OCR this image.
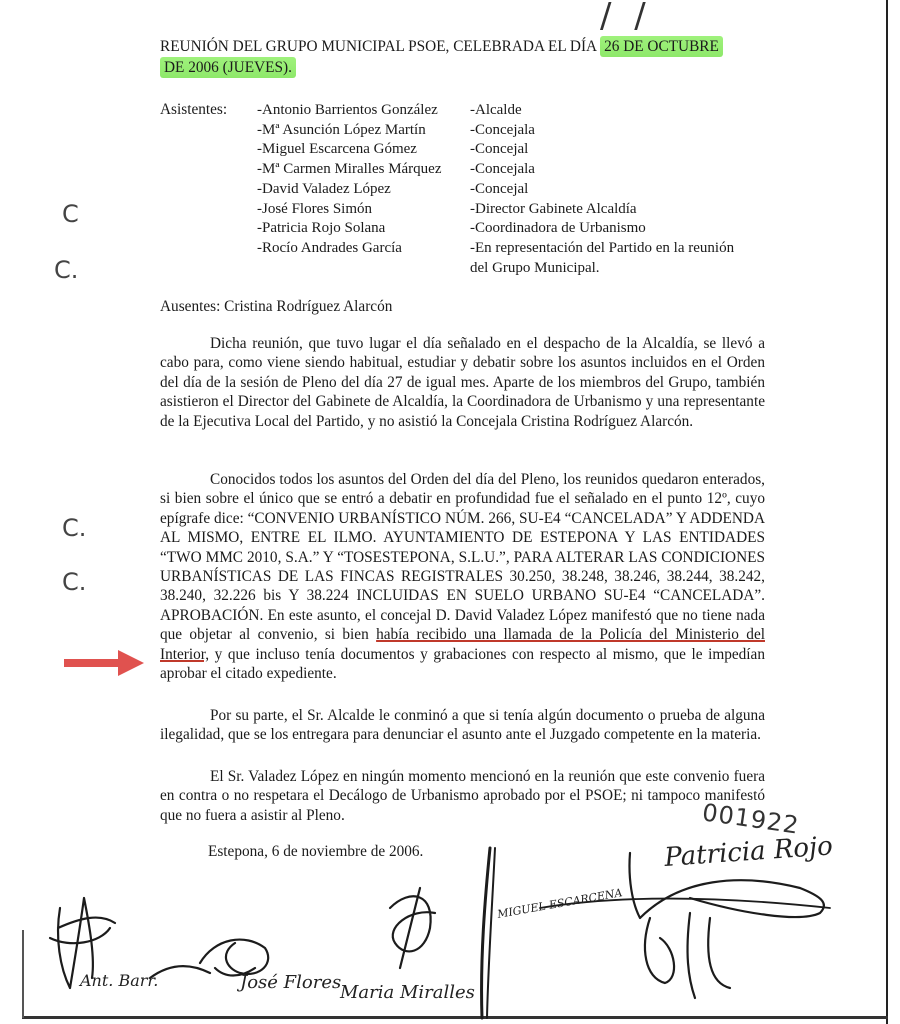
/ /
REUNIÓN DEL GRUPO MUNICIPAL PSOE, CELEBRADA EL DÍA 26 DE OCTUBRE
DE 2006 (JUEVES).
Asistentes: -Antonio Barrientos González -Alcalde
-Mª Asunción López Martín	-Concejala
-Miguel Escarcena Gómez	-Concejal
-Mª Carmen Miralles Márquez -Concejala
-David Valadez López	-Concejal
-José Flores Simón	-Director Gabinete Alcaldía
-Patricia Rojo Solana	-Coordinadora de Urbanismo
-Rocío Andrades García	-En representación del Partido en la reunión
del Grupo Municipal.
C
C.
C.
C.
Ausentes: Cristina Rodríguez Alarcón
Dicha reunión, que tuvo lugar el día señalado en el despacho de la Alcaldía, se llevó a cabo para, como viene siendo habitual, estudiar y debatir sobre los asuntos incluidos en el Orden del día de la sesión de Pleno del día 27 de igual mes. Aparte de los miembros del Grupo, también asistieron el Director del Gabinete de Alcaldía, la Coordinadora de Urbanismo y una representante de la Ejecutiva Local del Partido, y no asistió la Concejala Cristina Rodríguez Alarcón.
Conocidos todos los asuntos del Orden del día del Pleno, los reunidos quedaron enterados, si bien sobre el único que se entró a debatir en profundidad fue el señalado en el punto 12º, cuyo epígrafe dice: “CONVENIO URBANÍSTICO NÚM. 266, SU-E4 “CANCELADA” Y ADDENDA AL MISMO, ENTRE EL ILMO. AYUNTAMIENTO DE ESTEPONA Y LAS ENTIDADES “TWO MMC 2010, S.A.” Y “TOSESTEPONA, S.L.U.”, PARA ALTERAR LAS CONDICIONES URBANÍSTICAS DE LAS FINCAS REGISTRALES 30.250, 38.248, 38.246, 38.244, 38.242, 38.240, 32.226 bis Y 38.224 INCLUIDAS EN SUELO URBANO SU-E4 “CANCELADA”. APROBACIÓN. En este asunto, el concejal D. David Valadez López manifestó que no tiene nada que objetar al convenio, si bien había recibido una llamada de la Policía del Ministerio del Interior, y que incluso tenía documentos y grabaciones con respecto al mismo, que le impedían aprobar el citado expediente.
Por su parte, el Sr. Alcalde le conminó a que si tenía algún documento o prueba de alguna ilegalidad, que se los entregara para denunciar el asunto ante el Juzgado competente en la materia.
El Sr. Valadez López en ningún momento mencionó en la reunión que este convenio fuera en contra o no respetara el Decálogo de Urbanismo aprobado por el PSOE; ni tampoco manifestó que no fuera a asistir al Pleno.
Estepona, 6 de noviembre de 2006.
001922
Ant. Barr.
Maria Miralles
MIGUEL ESCARCENA
Patricia Rojo
José Flores
